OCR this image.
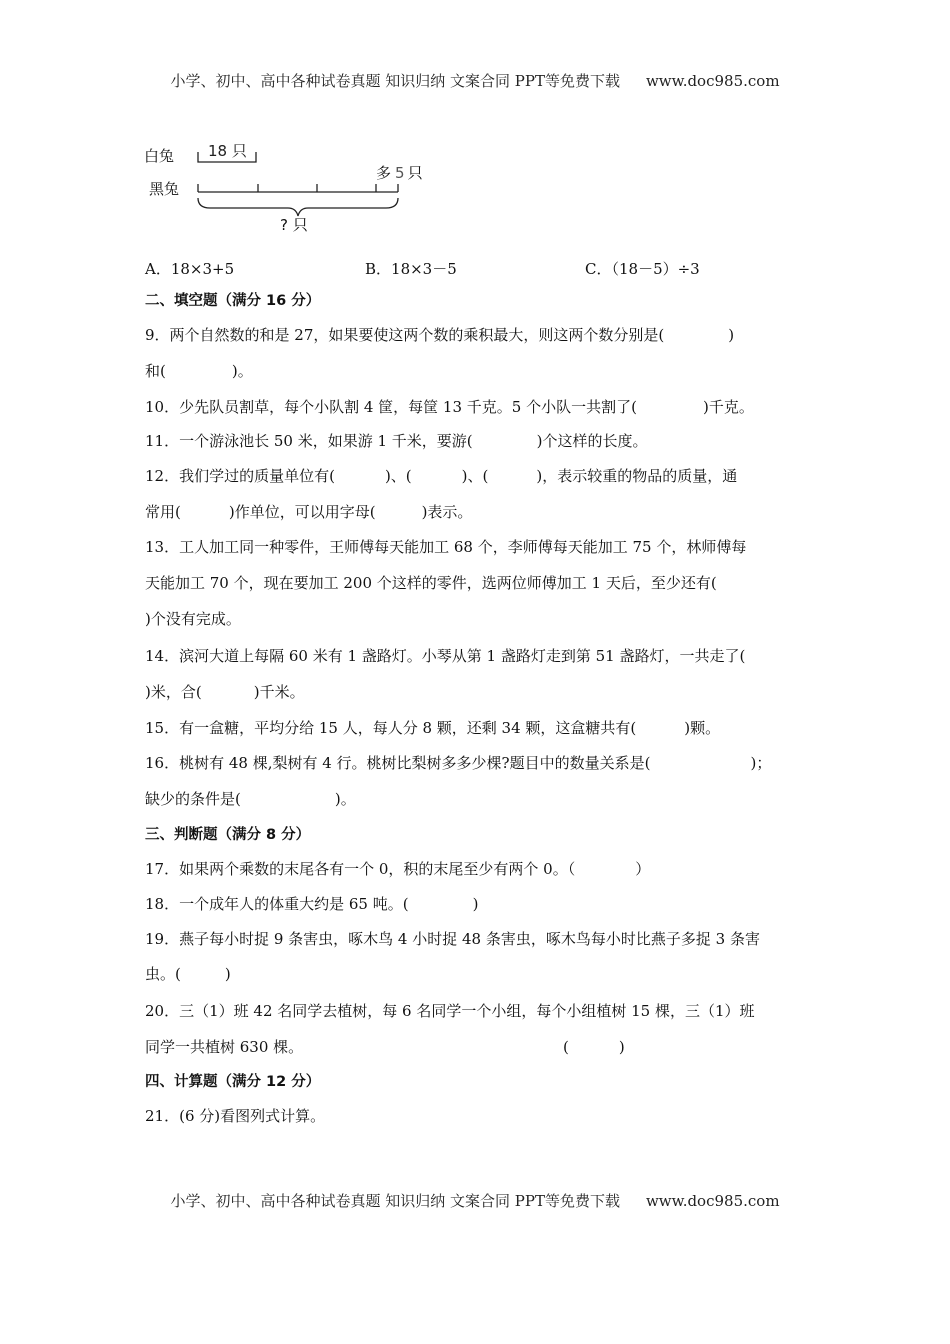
小学、初中、高中各种试卷真题 知识归纳 文案合同 PPT等免费下载 www.doc985.com
白兔
黑兔
18 只
多 5 只
? 只
A．18×3+5	B．18×3－5	C．（18－5）÷3
二、填空题（满分 16 分）
9．两个自然数的和是 27，如果要使这两个数的乘积最大，则这两个数分别是(	)
和(	)。
10．少先队员割草，每个小队割 4 筐，每筐 13 千克。5 个小队一共割了(	)千克。
11．一个游泳池长 50 米，如果游 1 千米，要游(	)个这样的长度。
12．我们学过的质量单位有(	)、(	)、(	)，表示较重的物品的质量，通
常用(	)作单位，可以用字母(	)表示。
13．工人加工同一种零件，王师傅每天能加工 68 个，李师傅每天能加工 75 个，林师傅每
天能加工 70 个，现在要加工 200 个这样的零件，选两位师傅加工 1 天后，至少还有(
)个没有完成。
14．滨河大道上每隔 60 米有 1 盏路灯。小琴从第 1 盏路灯走到第 51 盏路灯，一共走了(
)米，合(	)千米。
15．有一盒糖，平均分给 15 人，每人分 8 颗，还剩 34 颗，这盒糖共有(	)颗。
16．桃树有 48 棵,梨树有 4 行。桃树比梨树多多少棵?题目中的数量关系是(	)；
缺少的条件是(	)。
三、判断题（满分 8 分）
17．如果两个乘数的末尾各有一个 0，积的末尾至少有两个 0。（	）
18．一个成年人的体重大约是 65 吨。(	)
19．燕子每小时捉 9 条害虫，啄木鸟 4 小时捉 48 条害虫，啄木鸟每小时比燕子多捉 3 条害
虫。(	)
20．三（1）班 42 名同学去植树，每 6 名同学一个小组，每个小组植树 15 棵，三（1）班
同学一共植树 630 棵。	(	)
四、计算题（满分 12 分）
21．(6 分)看图列式计算。
小学、初中、高中各种试卷真题 知识归纳 文案合同 PPT等免费下载 www.doc985.com
